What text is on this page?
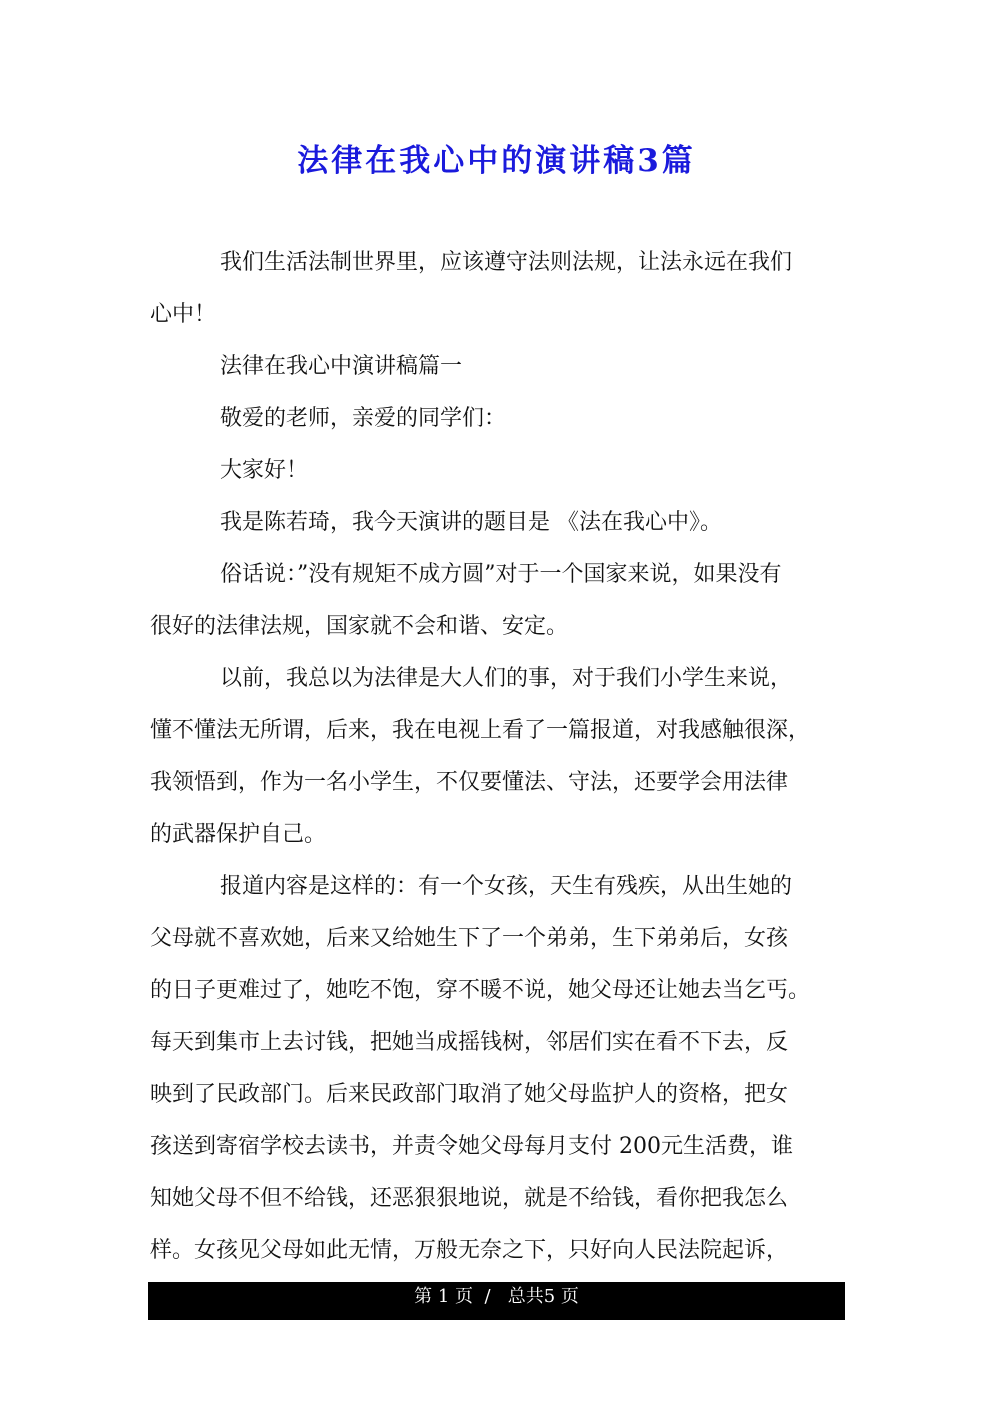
法律在我心中的演讲稿3篇
我们生活法制世界里，应该遵守法则法规，让法永远在我们
心中！
法律在我心中演讲稿篇一
敬爱的老师，亲爱的同学们：
大家好！
我是陈若琦，我今天演讲的题目是 《法在我心中》。
俗话说：”没有规矩不成方圆”对于一个国家来说，如果没有
很好的法律法规，国家就不会和谐、安定。
以前，我总以为法律是大人们的事，对于我们小学生来说，
懂不懂法无所谓，后来，我在电视上看了一篇报道，对我感触很深，
我领悟到，作为一名小学生，不仅要懂法、守法，还要学会用法律
的武器保护自己。
报道内容是这样的：有一个女孩，天生有残疾，从出生她的
父母就不喜欢她，后来又给她生下了一个弟弟，生下弟弟后，女孩
的日子更难过了，她吃不饱，穿不暖不说，她父母还让她去当乞丐。
每天到集市上去讨钱，把她当成摇钱树，邻居们实在看不下去，反
映到了民政部门。后来民政部门取消了她父母监护人的资格，把女
孩送到寄宿学校去读书，并责令她父母每月支付 200元生活费，谁
知她父母不但不给钱，还恶狠狠地说，就是不给钱，看你把我怎么
样。女孩见父母如此无情，万般无奈之下，只好向人民法院起诉，
第 1 页  /   总共5 页
